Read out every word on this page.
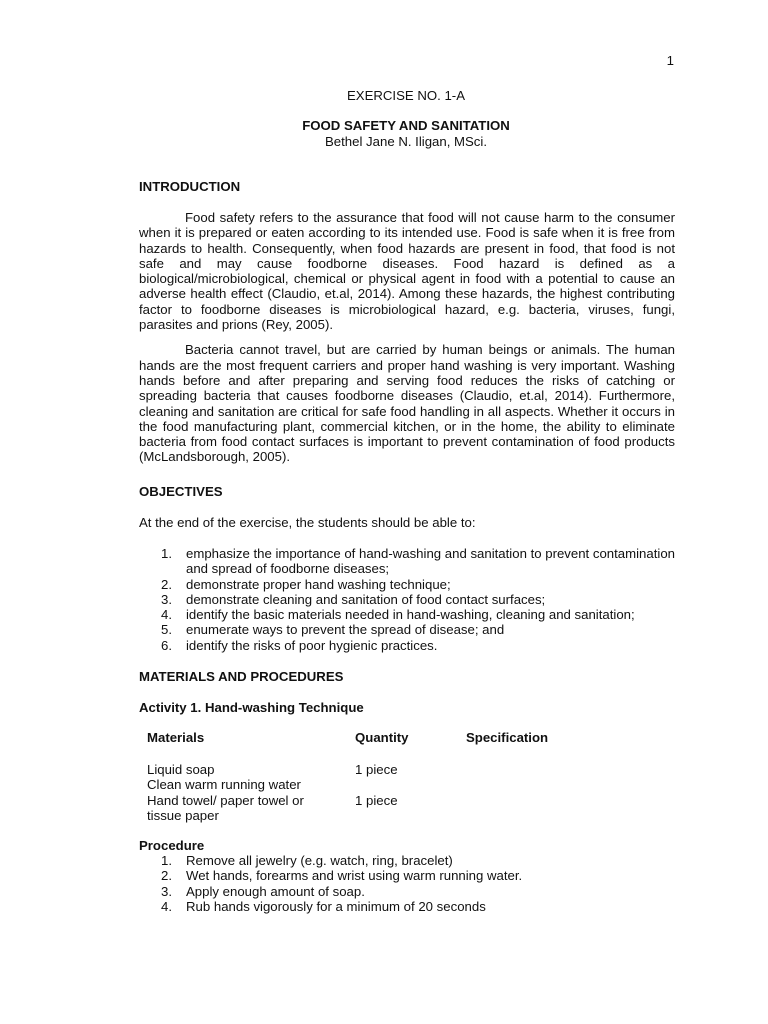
1
EXERCISE NO. 1-A
FOOD SAFETY AND SANITATION
Bethel Jane N. Iligan, MSci.
INTRODUCTION

Food safety refers to the assurance that food will not cause harm to the consumer when it is prepared or eaten according to its intended use. Food is safe when it is free from hazards to health. Consequently, when food hazards are present in food, that food is not safe and may cause foodborne diseases. Food hazard is defined as a biological/microbiological, chemical or physical agent in food with a potential to cause an adverse health effect (Claudio, et.al, 2014). Among these hazards, the highest contributing factor to foodborne diseases is microbiological hazard, e.g. bacteria, viruses, fungi, parasites and prions (Rey, 2005).

Bacteria cannot travel, but are carried by human beings or animals. The human hands are the most frequent carriers and proper hand washing is very important. Washing hands before and after preparing and serving food reduces the risks of catching or spreading bacteria that causes foodborne diseases (Claudio, et.al, 2014). Furthermore, cleaning and sanitation are critical for safe food handling in all aspects. Whether it occurs in the food manufacturing plant, commercial kitchen, or in the home, the ability to eliminate bacteria from food contact surfaces is important to prevent contamination of food products (McLandsborough, 2005).

OBJECTIVES
At the end of the exercise, the students should be able to:
1. emphasize the importance of hand-washing and sanitation to prevent contamination and spread of foodborne diseases;
2. demonstrate proper hand washing technique;
3. demonstrate cleaning and sanitation of food contact surfaces;
4. identify the basic materials needed in hand-washing, cleaning and sanitation;
5. enumerate ways to prevent the spread of disease; and
6. identify the risks of poor hygienic practices.
MATERIALS AND PROCEDURES
Activity 1. Hand-washing Technique
Materials	Quantity	Specification
Liquid soap
Clean warm running water
Hand towel/ paper towel or
tissue paper
1 piece
1 piece
Procedure
1. Remove all jewelry (e.g. watch, ring, bracelet)
2. Wet hands, forearms and wrist using warm running water.
3. Apply enough amount of soap.
4. Rub hands vigorously for a minimum of 20 seconds
